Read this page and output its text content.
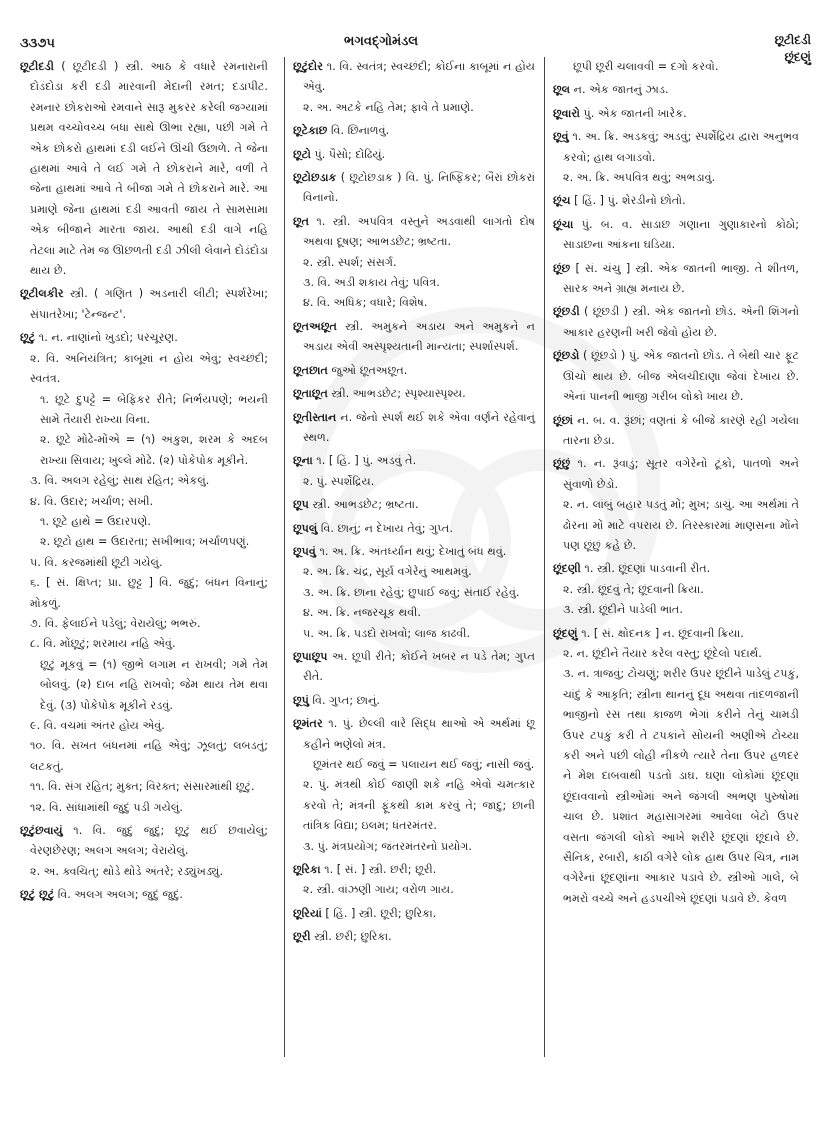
૩૩૭૫	ભગવદ્ગોમંડલ	છૂટીદડી
છૂંદણું
છૂટીદડી ( છૂટીદડી ) સ્ત્રી. આઠ કે વધારે રમનારાની દોડંદોડા કરી દડી મારવાની મેદાની રમત; દડાપીટ. રમનાર છોકરાઓ રમવાને સારૂ મુકરર કરેલી જગ્યામાં પ્રથમ વચ્ચોવચ્ચ બધા સાથે ઊભા રહ્યા, પછી ગમે તે એક છોકરો હાથમાં દડી લઈને ઊંચી ઉછાળે. તે જેના હાથમાં આવે તે લઈ ગમે તે છોકરાને મારે, વળી તે જેના હાથમાં આવે તે બીજા ગમે તે છોકરાને મારે. આ પ્રમાણે જેના હાથમાં દડી આવતી જાય તે સામસામા એક બીજાને મારતા જાય. આથી દડી વાગે નહિ તેટલા માટે તેમ જ ઊછળતી દડી ઝીલી લેવાને દોડંદોડા થાય છે.
છૂટીલકીર સ્ત્રી. ( ગણિત ) અડનારી લીટી; સ્પર્શરેખા; સંપાતરેખા; 'ટેન્જન્ટ'.
છૂટું ૧. ન. નાણાંનો ખુડદો; પરચૂરણ.
૨. વિ. અનિયંત્રિત; કાબૂમાં ન હોય એવું; સ્વચ્છંદી; સ્વતંત્ર.
૧. છૂટે દુપટ્ટે = બેફિકર રીતે; નિર્ભયપણે; ભયની સામે તૈયારી રાખ્યા વિના.
૨. છૂટે મોઢે-મોંએ = (૧) અંકુશ, શરમ કે અદબ રાખ્યા સિવાય; ખુલ્લે મોઢે. (૨) પોકેપોક મૂકીને.
૩. વિ. અલગ રહેલું; સાથ રહિત; એકલું.
૪. વિ. ઉદાર; ખર્ચાળ; સખી.
૧. છૂટે હાથે = ઉદારપણે.
૨. છૂટો હાથ = ઉદારતા; સખીભાવ; ખર્ચાળપણું.
૫. વિ. કરજમાંથી છૂટી ગયેલું.
૬. [ સં. ક્ષિપ્ત; પ્રા. છુટ્ટ ] વિ. જુદું; બંધન વિનાનું; મોકળું.
૭. વિ. ફેલાઈને પડેલું; વેરાયેલું; ભભરું.
૮. વિ. મોંછૂટું; શરમાય નહિ એવું.
છૂટું મૂકવું = (૧) જીભે લગામ ન રાખવી; ગમે તેમ બોલવું. (૨) દાબ નહિ રાખવો; જેમ થાય તેમ થવા દેવું. (૩) પોકેપોક મૂકીને રડવું.
૯. વિ. વચમાં અંતર હોય એવું.
૧૦. વિ. સખત બંધનમાં નહિ એવું; ઝૂલતું; લબડતું; લટકતું.
૧૧. વિ. સંગ રહિત; મુક્ત; વિરક્ત; સંસારમાંથી છૂટું.
૧૨. વિ. સાંધામાંથી જુદું પડી ગયેલું.
છૂટુંછવાયું ૧. વિ. જુદું જુદું; છૂટું થઈ છવાયેલું; વેરણછેરણ; અલગ અલગ; વેરાયેલું.
૨. અ. ક્વચિત્; થોડે થોડે અંતરે; રડ્યુંખડ્યું.
છૂટું છૂટું વિ. અલગ અલગ; જુદું જુદું.
છૂટુંદોર ૧. વિ. સ્વતંત્ર; સ્વચ્છંદી; કોઈના કાબૂમાં ન હોય એવું.
૨. અ. અટકે નહિ તેમ; ફાવે તે પ્રમાણે.
છૂટેકાછ વિ. છિનાળવું.
છૂટો પું. પૈસો; દોઢિયું.
છૂટોછડાક ( છૂટોછડાક ) વિ. પું. નિષ્ફિકર; બૈરાં છોકરાં વિનાનો.
છૂત ૧. સ્ત્રી. અપવિત્ર વસ્તુને અડવાથી લાગતો દોષ અથવા દૂષણ; આભડછેટ; ભ્રષ્ટતા.
૨. સ્ત્રી. સ્પર્શ; સંસર્ગ.
૩. વિ. અડી શકાય તેવું; પવિત્ર.
૪. વિ. અધિક; વધારે; વિશેષ.
છૂતઅછૂત સ્ત્રી. અમુકને અડાય અને અમુકને ન અડાય એવી અસ્પૃશ્યતાની માન્યતા; સ્પર્શાસ્પર્શ.
છૂતછાત જુઓ છૂતઅછૂત.
છૂતાછૂત સ્ત્રી. આભડછેટ; સ્પૃશ્યાસ્પૃશ્ય.
છૂતીસ્તાન ન. જેનો સ્પર્શ થઈ શકે એવા વર્ણને રહેવાનું સ્થળ.
છૂના ૧. [ હિં. ] પું. અડવું તે.
૨. પું. સ્પર્શેંદ્રિય.
છૂપ સ્ત્રી. આભડછેટ; ભ્રષ્ટતા.
છૂપલું વિ. છાનું; ન દેખાય તેવું; ગુપ્ત.
છૂપવું ૧. અ. ક્રિ. અંતર્ધ્યાન થવું; દેખાતું બંધ થવું.
૨. અ. ક્રિ. ચંદ્ર, સૂર્ય વગેરેનું આથમવું.
૩. અ. ક્રિ. છાના રહેવું; છુપાઈ જવું; સંતાઈ રહેવું.
૪. અ. ક્રિ. નજરચૂક થવી.
૫. અ. ક્રિ. પડદો રાખવો; લાજ કાઢવી.
છૂપાછૂપ અ. છૂપી રીતે; કોઈને ખબર ન પડે તેમ; ગુપ્ત રીતે.
છૂપું વિ. ગુપ્ત; છાનું.
છૂમંતર ૧. પું. છેલ્લી વારે સિદ્ધ થાઓ એ અર્થમાં છૂ કહીને ભણેલો મંત્ર.
છૂમંતર થઈ જવું = પલાયન થઈ જવું; નાસી જવું.
૨. પું. મંત્રથી કોઈ જાણી શકે નહિ એવો ચમત્કાર કરવો તે; મંત્રની ફૂંકથી કામ કરવું તે; જાદુ; છાની તાંત્રિક વિદ્યા; ઇલમ; ધંતરમંતર.
૩. પું. મંત્રપ્રયોગ; જંતરમંતરનો પ્રયોગ.
છૂરિકા ૧. [ સં. ] સ્ત્રી. છરી; છૂરી.
૨. સ્ત્રી. વાંઝણી ગાય; વરોળ ગાય.
છૂરિયાં [ હિં. ] સ્ત્રી. છૂરી; છુરિકા.
છૂરી સ્ત્રી. છરી; છુરિકા.
છૂપી છૂરી ચલાવવી = દગો કરવો.
છૂલ ન. એક જાતનું ઝાડ.
છૂવારો પું. એક જાતની ખારેક.
છૂવું ૧. અ. ક્રિ. અડકવું; અડવું; સ્પર્શેંદ્રિય દ્વારા અનુભવ કરવો; હાથ લગાડવો.
૨. અ. ક્રિ. અપવિત્ર થવું; અભડાવું.
છૂંચ [ હિં. ] પું. શેરડીનો છોતો.
છૂંચા પું. બ. વ. સાડાછ ગણાના ગુણાકારનો કોઠો; સાડાછના આંકના ઘડિયા.
છૂંછ [ સં. ચંચુ ] સ્ત્રી. એક જાતની ભાજી. તે શીતળ, સારક અને ગ્રાહ્ય મનાય છે.
છૂંછડી ( છૂંછડી ) સ્ત્રી. એક જાતનો છોડ. એની શિંગનો આકાર હરણની ખરી જેવો હોય છે.
છૂંછડો ( છૂંછડો ) પું. એક જાતનો છોડ. તે બેથી ચાર ફૂટ ઊંચો થાય છે. બીજ એલચીદાણા જેવાં દેખાય છે. એનાં પાનની ભાજી ગરીબ લોકો ખાય છે.
છૂંછાં ન. બ. વ. રૂંછાં; વણતાં કે બીજે કારણે રહી ગયેલા તારના છેડા.
છૂંછું ૧. ન. રૂંવાડું; સૂતર વગેરેનો ટૂંકો, પાતળો અને સુંવાળો છેડો.
૨. ન. લાંબું બહાર પડતું મોં; મુખ; ડાચું. આ અર્થમાં તે ઢોરના મોં માટે વપરાય છે. તિરસ્કારમાં માણસના મોંને પણ છૂંછું કહે છે.
છૂંદણી ૧. સ્ત્રી. છૂંદણાં પાડવાની રીત.
૨. સ્ત્રી. છૂંદવું તે; છૂંદવાની ક્રિયા.
૩. સ્ત્રી. છૂંદીને પાડેલી ભાત.
છૂંદણું ૧. [ સં. ક્ષોદનક ] ન. છૂંદવાની ક્રિયા.
૨. ન. છૂંદીને તૈયાર કરેલ વસ્તુ; છૂંદેલો પદાર્થ.
૩. ન. ત્રાજવું; ટોચણું; શરીર ઉપર છૂંદીને પાડેલું ટપકું, ચાંદું કે આકૃતિ; સ્ત્રીના થાનનું દૂધ અથવા તાંદળજાની ભાજીનો રસ તથા કાજળ ભેગાં કરીને તેનું ચામડી ઉપર ટપકું કરી તે ટપકાંને સોયની અણીએ ટોચ્યા કરી અને પછી લોહી નીકળે ત્યારે તેના ઉપર હળદર ને મેશ દાબવાથી પડતો ડાઘ. ઘણા લોકોમાં છૂંદણાં છૂંદાવવાનો સ્ત્રીઓમાં અને જંગલી અભણ પુરુષોમાં ચાલ છે. પ્રશાંત મહાસાગરમાં આવેલા બેટો ઉપર વસતા જંગલી લોકો આખે શરીરે છૂંદણાં છૂંદાવે છે. સૈનિક, રબારી, કાઠી વગેરે લોક હાથ ઉપર ચિત્ર, નામ વગેરેનાં છૂંદણાંના આકાર પડાવે છે. સ્ત્રીઓ ગાલે, બે ભમરો વચ્ચે અને હડપચીએ છૂંદણાં પડાવે છે. કેવળ
